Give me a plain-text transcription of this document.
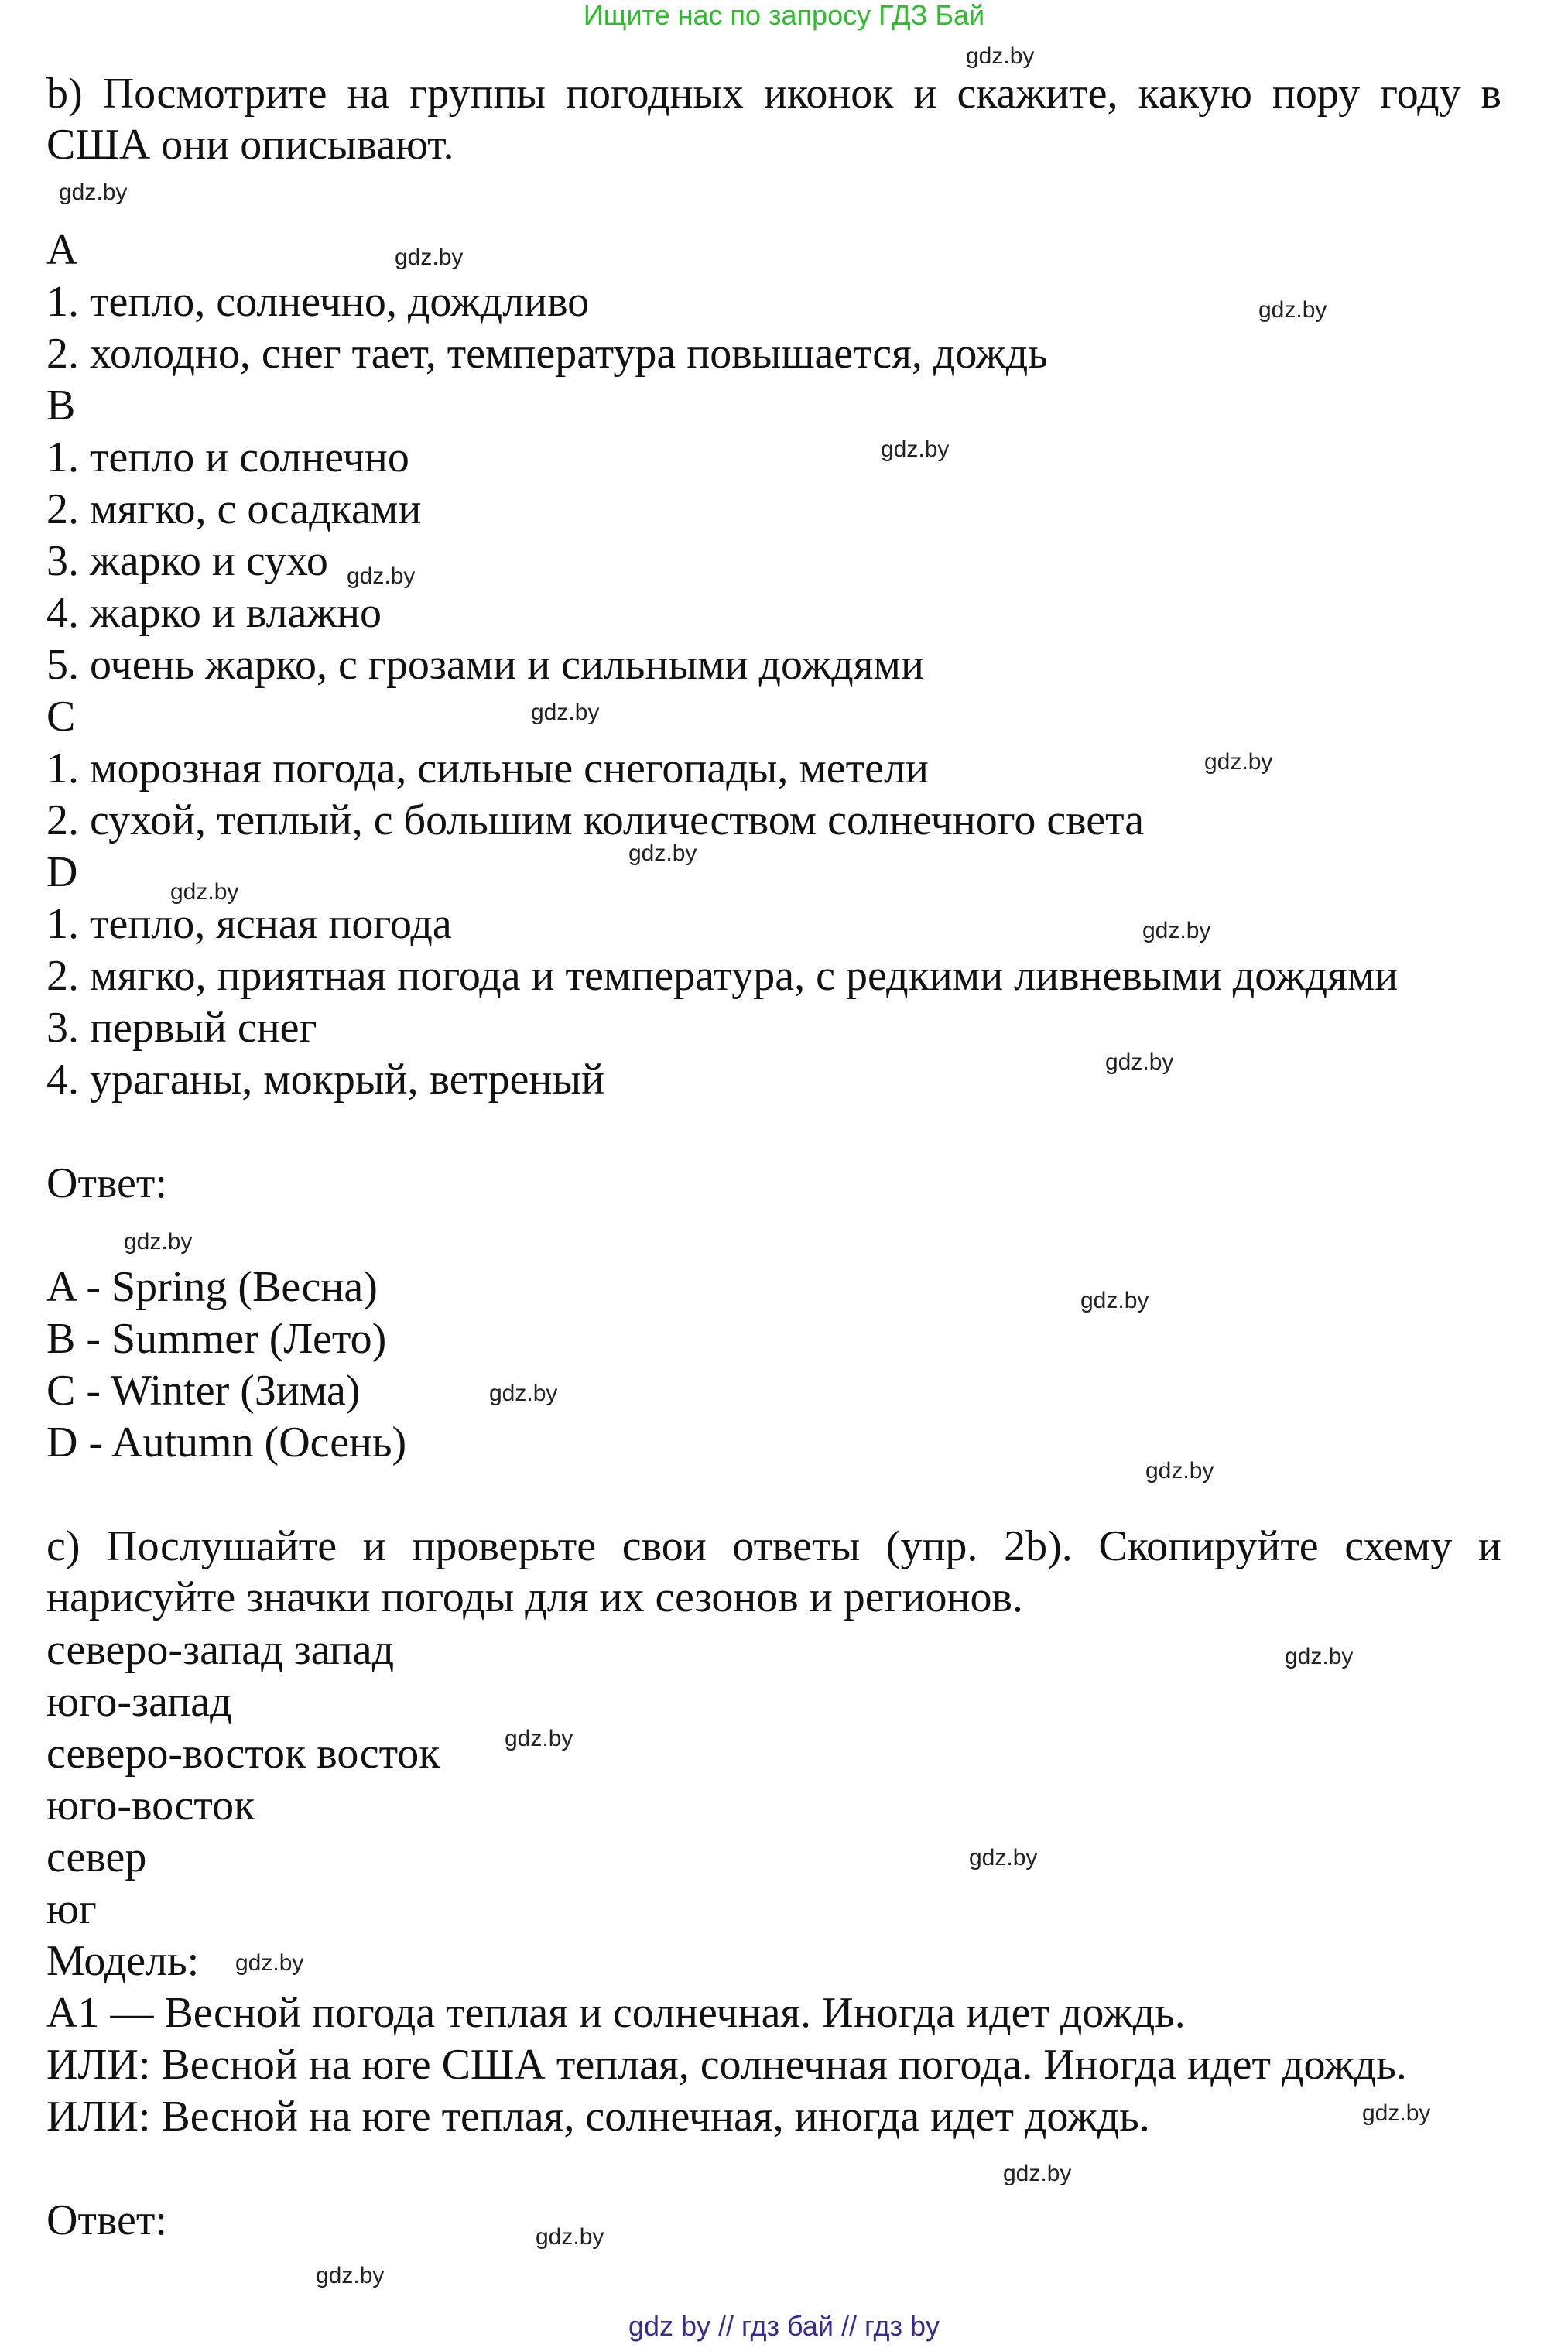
Ищите нас по запросу ГДЗ Бай
b) Посмотрите на группы погодных иконок и скажите, какую пору году в США они описывают.
A
1. тепло, солнечно, дождливо
2. холодно, снег тает, температура повышается, дождь
B
1. тепло и солнечно
2. мягко, с осадками
3. жарко и сухо
4. жарко и влажно
5. очень жарко, с грозами и сильными дождями
C
1. морозная погода, сильные снегопады, метели
2. сухой, теплый, с большим количеством солнечного света
D
1. тепло, ясная погода
2. мягко, приятная погода и температура, с редкими ливневыми дождями
3. первый снег
4. ураганы, мокрый, ветреный
Ответ:
A - Spring (Весна)
B - Summer (Лето)
C - Winter (Зима)
D - Autumn (Осень)
c) Послушайте и проверьте свои ответы (упр. 2b). Скопируйте схему и нарисуйте значки погоды для их сезонов и регионов.
северо-запад запад
юго-запад
северо-восток восток
юго-восток
север
юг
Модель:
A1 — Весной погода теплая и солнечная. Иногда идет дождь.
ИЛИ: Весной на юге США теплая, солнечная погода. Иногда идет дождь.
ИЛИ: Весной на юге теплая, солнечная, иногда идет дождь.
Ответ:
gdz.by
gdz.by
gdz.by
gdz.by
gdz.by
gdz.by
gdz.by
gdz.by
gdz.by
gdz.by
gdz.by
gdz.by
gdz.by
gdz.by
gdz.by
gdz.by
gdz.by
gdz.by
gdz.by
gdz.by
gdz.by
gdz.by
gdz.by
gdz.by
gdz by // гдз бай // гдз by
